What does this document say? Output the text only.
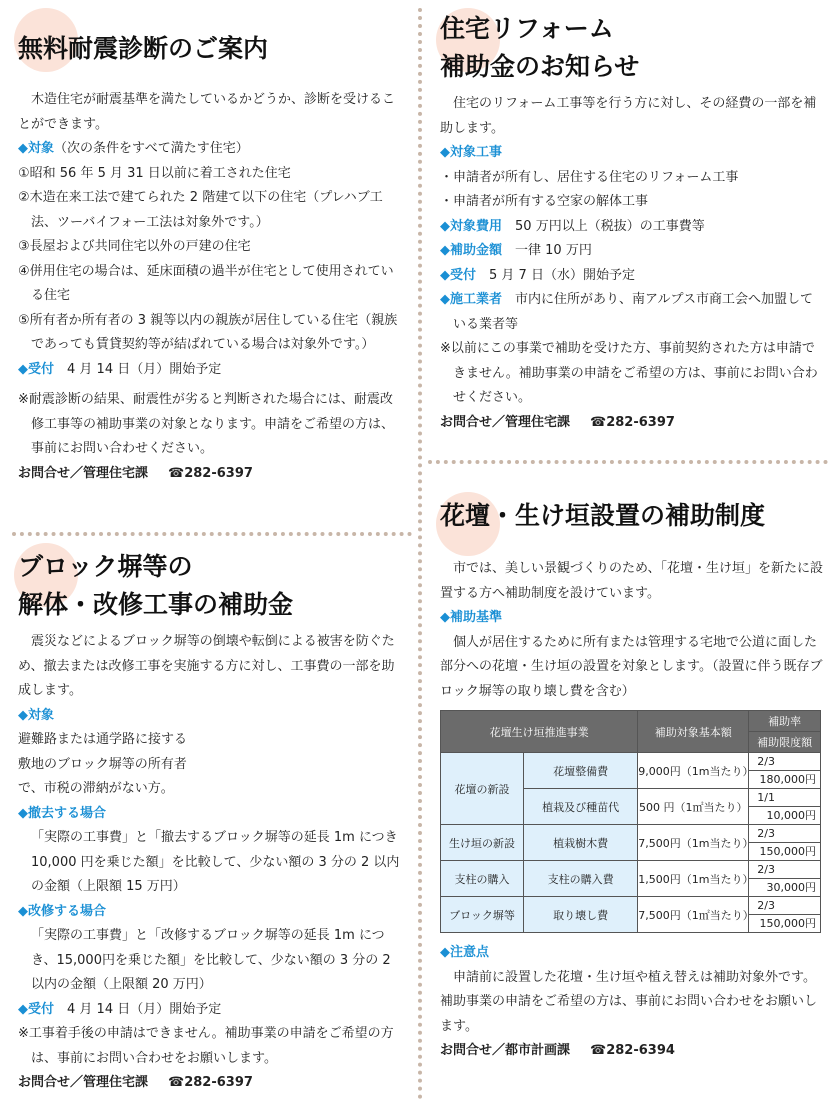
無料耐震診断のご案内

木造住宅が耐震基準を満たしているかどうか、診断を受けることができます。

◆対象（次の条件をすべて満たす住宅）

①昭和 56 年 5 月 31 日以前に着工された住宅

②木造在来工法で建てられた 2 階建て以下の住宅（プレハブ工法、ツーバイフォー工法は対象外です。）

③長屋および共同住宅以外の戸建の住宅

④併用住宅の場合は、延床面積の過半が住宅として使用されている住宅

⑤所有者か所有者の 3 親等以内の親族が居住している住宅（親族であっても賃貸契約等が結ばれている場合は対象外です。）

◆受付　 4 月 14 日（月）開始予定

※耐震診断の結果、耐震性が劣ると判断された場合には、耐震改修工事等の補助事業の対象となります。申請をご希望の方は、事前にお問い合わせください。

お問合せ／管理住宅課 ☎282-6397

ブロック塀等の
解体・改修工事の補助金

震災などによるブロック塀等の倒壊や転倒による被害を防ぐため、撤去または改修工事を実施する方に対し、工事費の一部を助成します。

◆対象

避難路または通学路に接する

敷地のブロック塀等の所有者

で、市税の滞納がない方。

◆撤去する場合

「実際の工事費」と「撤去するブロック塀等の延長 1m につき 10,000 円を乗じた額」を比較して、少ない額の 3 分の 2 以内の金額（上限額 15 万円）

◆改修する場合

「実際の工事費」と「改修するブロック塀等の延長 1m につき、15,000円を乗じた額」を比較して、少ない額の 3 分の 2 以内の金額（上限額 20 万円）

◆受付　 4 月 14 日（月）開始予定

※工事着手後の申請はできません。補助事業の申請をご希望の方は、事前にお問い合わせをお願いします。

お問合せ／管理住宅課 ☎282-6397

住宅リフォーム
補助金のお知らせ

住宅のリフォーム工事等を行う方に対し、その経費の一部を補助します。

◆対象工事

・申請者が所有し、居住する住宅のリフォーム工事

・申請者が所有する空家の解体工事

◆対象費用　 50 万円以上（税抜）の工事費等

◆補助金額　 一律 10 万円

◆受付　 5 月 7 日（水）開始予定

◆施工業者　 市内に住所があり、南アルプス市商工会へ加盟している業者等

※以前にこの事業で補助を受けた方、事前契約された方は申請できません。補助事業の申請をご希望の方は、事前にお問い合わせください。

お問合せ／管理住宅課 ☎282-6397

花壇・生け垣設置の補助制度

市では、美しい景観づくりのため、「花壇・生け垣」を新たに設置する方へ補助制度を設けています。

◆補助基準

個人が居住するために所有または管理する宅地で公道に面した部分への花壇・生け垣の設置を対象とします。（設置に伴う既存ブロック塀等の取り壊し費を含む）

花壇生け垣推進事業		補助対象基本額	補助率
			補助限度額
花壇の新設	花壇整備費	9,000円（1m当たり）	2/3
180,000円

	植栽及び種苗代	500 円（1㎡当たり）	1/1
10,000円

生け垣の新設	植栽樹木費	7,500円（1m当たり）	2/3
150,000円

支柱の購入	支柱の購入費	1,500円（1m当たり）	2/3
30,000円

ブロック塀等	取り壊し費	7,500円（1㎡当たり）	2/3
150,000円

◆注意点

申請前に設置した花壇・生け垣や植え替えは補助対象外です。補助事業の申請をご希望の方は、事前にお問い合わせをお願いします。

お問合せ／都市計画課 ☎282-6394
